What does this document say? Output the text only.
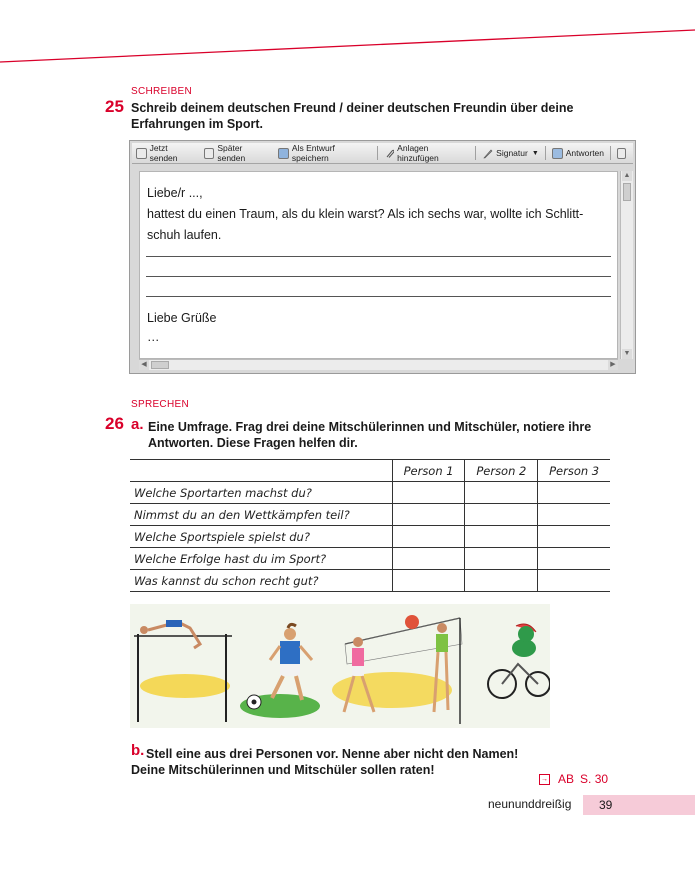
SCHREIBEN
25 Schreib deinem deutschen Freund / deiner deutschen Freundin über deine
Erfahrungen im Sport.
Jetzt senden
Später senden
Als Entwurf speichern
Anlagen hinzufügen	Signatur ▼	Antworten
Liebe/r ...,
hattest du einen Traum, als du klein warst? Als ich sechs war, wollte ich Schlitt-
schuh laufen.
Liebe Grüße
…
▲
▼
◀	▶
SPRECHEN
26 a. Eine Umfrage. Frag drei deine Mitschülerinnen und Mitschüler, notiere ihre
Antworten. Diese Fragen helfen dir.
	Person 1	Person 2	Person 3
Welche Sportarten machst du?			
Nimmst du an den Wettkämpfen teil?			
Welche Sportspiele spielst du?			
Welche Erfolge hast du im Sport?			
Was kannst du schon recht gut?			
b. Stell eine aus drei Personen vor. Nenne aber nicht den Namen!
Deine Mitschülerinnen und Mitschüler sollen raten!
→ AB S. 30
neununddreißig 39
